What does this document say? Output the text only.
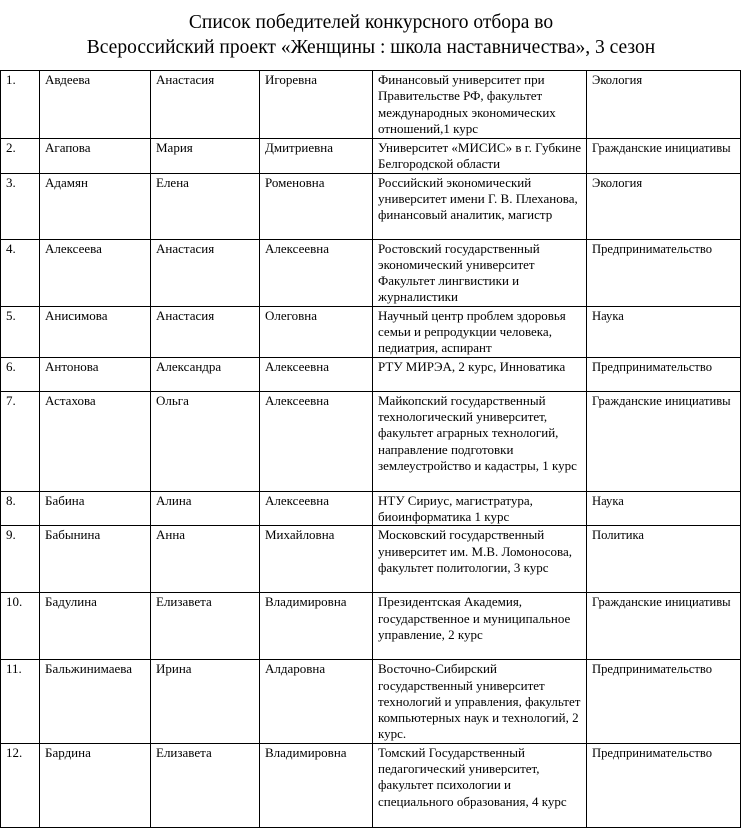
Список победителей конкурсного отбора во
Всероссийский проект «Женщины : школа наставничества», 3 сезон
1.	Авдеева	Анастасия	Игоревна	Финансовый университет при Правительстве РФ, факультет международных экономических отношений,1 курс	Экология
2.	Агапова	Мария	Дмитриевна	Университет «МИСИС» в г. Губкине Белгородской области	Гражданские инициативы
3.	Адамян	Елена	Роменовна	Российский экономический университет имени Г. В. Плеханова, финансовый аналитик, магистр	Экология
4.	Алексеева	Анастасия	Алексеевна	Ростовский государственный экономический университет Факультет лингвистики и журналистики	Предпринимательство
5.	Анисимова	Анастасия	Олеговна	Научный центр проблем здоровья семьи и репродукции человека, педиатрия, аспирант	Наука
6.	Антонова	Александра	Алексеевна	РТУ МИРЭА, 2 курс, Инноватика	Предпринимательство
7.	Астахова	Ольга	Алексеевна	Майкопский государственный технологический университет, факультет аграрных технологий, направление подготовки землеустройство и кадастры, 1 курс	Гражданские инициативы
8.	Бабина	Алина	Алексеевна	НТУ Сириус, магистратура, биоинформатика 1 курс	Наука
9.	Бабынина	Анна	Михайловна	Московский государственный университет им. М.В. Ломоносова, факультет политологии, 3 курс	Политика
10.	Бадулина	Елизавета	Владимировна	Президентская Академия, государственное и муниципальное управление, 2 курс	Гражданские инициативы
11.	Бальжинимаева	Ирина	Алдаровна	Восточно-Сибирский государственный университет технологий и управления, факультет компьютерных наук и технологий, 2 курс.	Предпринимательство
12.	Бардина	Елизавета	Владимировна	Томский Государственный педагогический университет, факультет психологии и специального образования, 4 курс	Предпринимательство
